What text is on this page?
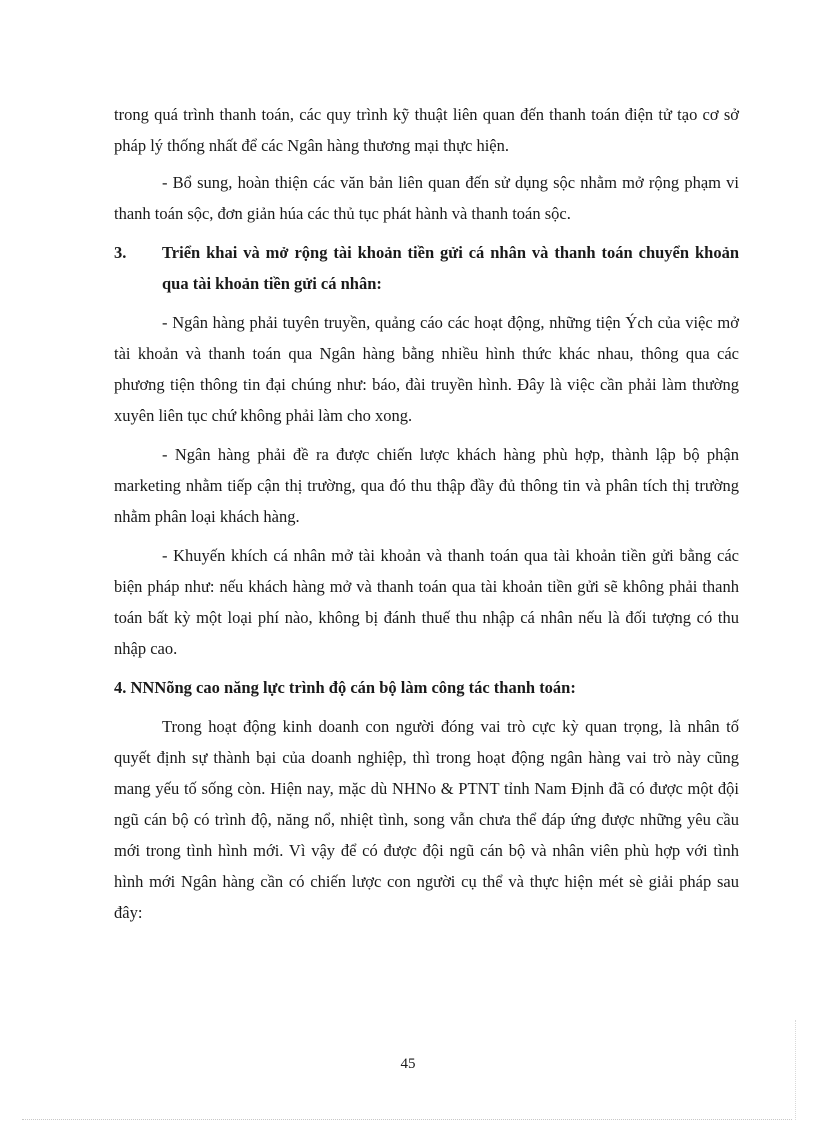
trong quá trình thanh toán, các quy trình kỹ thuật liên quan đến thanh toán điện tử tạo cơ sở pháp lý thống nhất để các Ngân hàng thương mại thực hiện.

- Bổ sung, hoàn thiện các văn bản liên quan đến sử dụng sộc nhằm mở rộng phạm vi thanh toán sộc, đơn giản húa các thủ tục phát hành và thanh toán sộc.

3.	Triển khai và mở rộng tài khoản tiền gửi cá nhân và thanh toán chuyển khoản qua tài khoản tiền gửi cá nhân:

- Ngân hàng phải tuyên truyền, quảng cáo các hoạt động, những tiện Ých của việc mở tài khoản và thanh toán qua Ngân hàng bằng nhiều hình thức khác nhau, thông qua các phương tiện thông tin đại chúng như: báo, đài truyền hình. Đây là việc cần phải làm thường xuyên liên tục chứ không phải làm cho xong.

- Ngân hàng phải đề ra được chiến lược khách hàng phù hợp, thành lập bộ phận marketing nhằm tiếp cận thị trường, qua đó thu thập đầy đủ thông tin và phân tích thị trường nhằm phân loại khách hàng.

- Khuyến khích cá nhân mở tài khoản và thanh toán qua tài khoản tiền gửi bằng các biện pháp như: nếu khách hàng mở và thanh toán qua tài khoản tiền gửi sẽ không phải thanh toán bất kỳ một loại phí nào, không bị đánh thuế thu nhập cá nhân nếu là đối tượng có thu nhập cao.

4. NNNõng cao năng lực trình độ cán bộ làm công tác thanh toán:

Trong hoạt động kinh doanh con người đóng vai trò cực kỳ quan trọng, là nhân tố quyết định sự thành bại của doanh nghiệp, thì trong hoạt động ngân hàng vai trò này cũng mang yếu tố sống còn. Hiện nay, mặc dù NHNo & PTNT tỉnh Nam Định đã có được một đội ngũ cán bộ có trình độ, năng nổ, nhiệt tình, song vẫn chưa thể đáp ứng được những yêu cầu mới trong tình hình mới. Vì vậy để có được đội ngũ cán bộ và nhân viên phù hợp với tình hình mới Ngân hàng cần có chiến lược con người cụ thể và thực hiện mét sè giải pháp sau đây:

45
